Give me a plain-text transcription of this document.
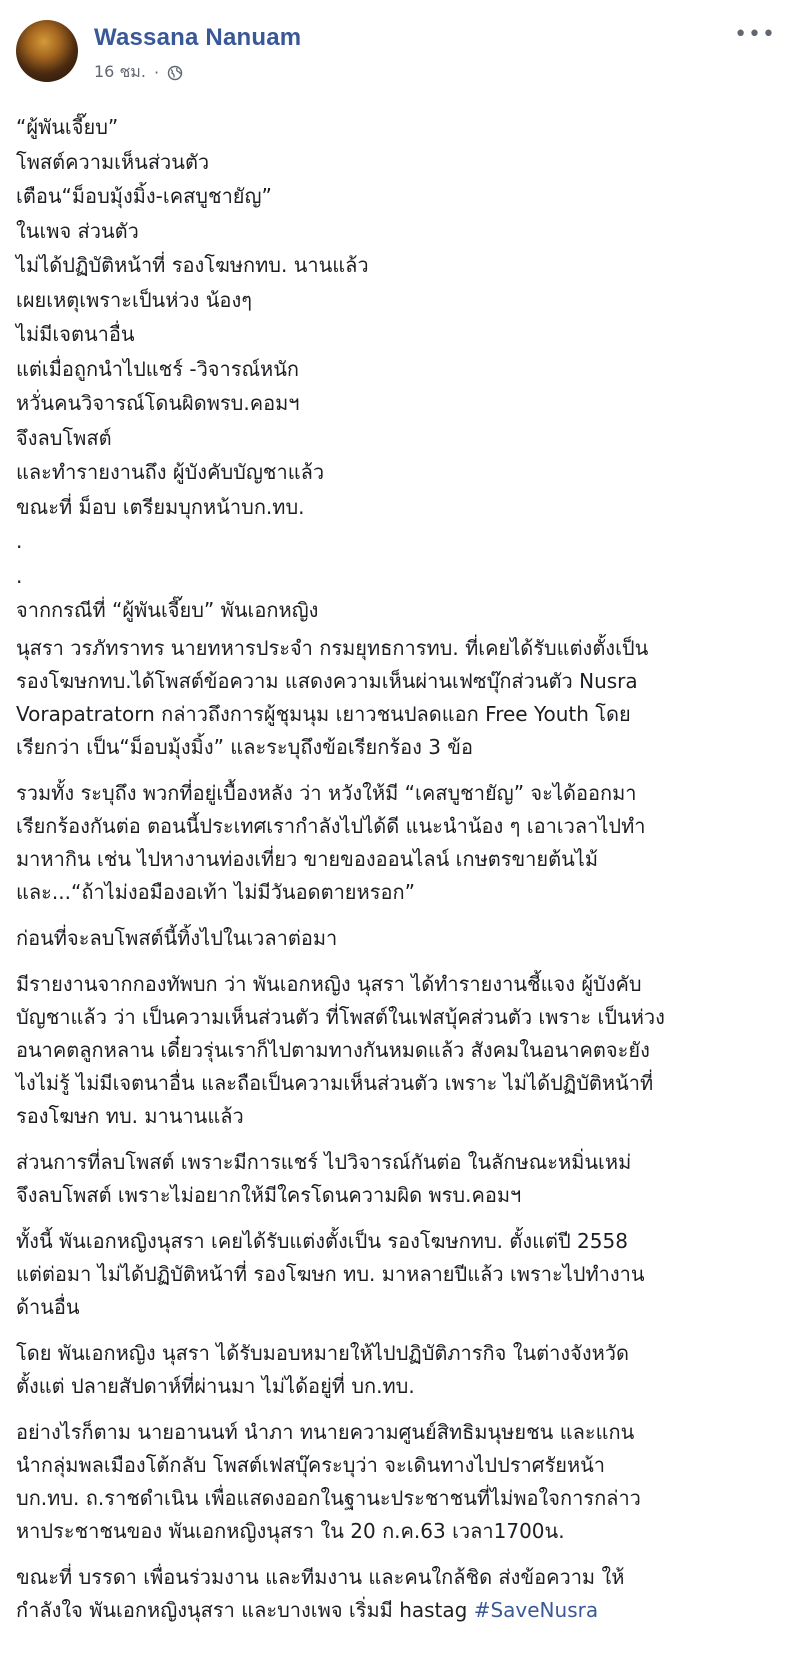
Wassana Nanuam
16 ชม. ·
•••
“ผู้พันเจี๊ยบ”
โพสต์ความเห็นส่วนตัว
เตือน“ม็อบมุ้งมิ้ง-เคสบูชายัญ”
ในเพจ ส่วนตัว
ไม่ได้ปฏิบัติหน้าที่ รองโฆษกทบ. นานแล้ว
เผยเหตุเพราะเป็นห่วง น้องๆ
ไม่มีเจตนาอื่น
แต่เมื่อถูกนำไปแชร์ -วิจารณ์หนัก
หวั่นคนวิจารณ์โดนผิดพรบ.คอมฯ
จึงลบโพสต์
และทำรายงานถึง ผู้บังคับบัญชาแล้ว
ขณะที่ ม็อบ เตรียมบุกหน้าบก.ทบ.
.
.
จากกรณีที่ “ผู้พันเจี๊ยบ” พันเอกหญิง
นุสรา วรภัทราทร นายทหารประจำ กรมยุทธการทบ. ที่เคยได้รับแต่งตั้งเป็น
รองโฆษกทบ.ได้โพสต์ข้อความ แสดงความเห็นผ่านเฟซบุ๊กส่วนตัว Nusra
Vorapatratorn กล่าวถึงการผู้ชุมนุม เยาวชนปลดแอก Free Youth โดย
เรียกว่า เป็น“ม็อบมุ้งมิ้ง” และระบุถึงข้อเรียกร้อง 3 ข้อ
รวมทั้ง ระบุถึง พวกที่อยู่เบื้องหลัง ว่า หวังให้มี “เคสบูชายัญ” จะได้ออกมา
เรียกร้องกันต่อ ตอนนี้ประเทศเรากำลังไปได้ดี แนะนำน้อง ๆ เอาเวลาไปทำ
มาหากิน เช่น ไปหางานท่องเที่ยว ขายของออนไลน์ เกษตรขายต้นไม้
และ...“ถ้าไม่งอมืองอเท้า ไม่มีวันอดตายหรอก”
ก่อนที่จะลบโพสต์นี้ทิ้งไปในเวลาต่อมา
มีรายงานจากกองทัพบก ว่า พันเอกหญิง นุสรา ได้ทำรายงานชี้แจง ผู้บังคับ
บัญชาแล้ว ว่า เป็นความเห็นส่วนตัว ที่โพสต์ในเฟสบุ้คส่วนตัว เพราะ เป็นห่วง
อนาคตลูกหลาน เดี๋ยวรุ่นเราก็ไปตามทางกันหมดแล้ว สังคมในอนาคตจะยัง
ไงไม่รู้ ไม่มีเจตนาอื่น และถือเป็นความเห็นส่วนตัว เพราะ ไม่ได้ปฏิบัติหน้าที่
รองโฆษก ทบ. มานานแล้ว
ส่วนการที่ลบโพสต์ เพราะมีการแชร์ ไปวิจารณ์กันต่อ ในลักษณะหมิ่นเหม่
จึงลบโพสต์ เพราะไม่อยากให้มีใครโดนความผิด พรบ.คอมฯ
ทั้งนี้ พันเอกหญิงนุสรา เคยได้รับแต่งตั้งเป็น รองโฆษกทบ. ตั้งแต่ปี 2558
แต่ต่อมา ไม่ได้ปฏิบัติหน้าที่ รองโฆษก ทบ. มาหลายปีแล้ว เพราะไปทำงาน
ด้านอื่น
โดย พันเอกหญิง นุสรา ได้รับมอบหมายให้ไปปฏิบัติภารกิจ ในต่างจังหวัด
ตั้งแต่ ปลายสัปดาห์ที่ผ่านมา ไม่ได้อยู่ที่ บก.ทบ.
อย่างไรก็ตาม นายอานนท์ นำภา ทนายความศูนย์สิทธิมนุษยชน และแกน
นำกลุ่มพลเมืองโต้กลับ โพสต์เฟสบุ๊คระบุว่า จะเดินทางไปปราศรัยหน้า
บก.ทบ. ถ.ราชดำเนิน เพื่อแสดงออกในฐานะประชาชนที่ไม่พอใจการกล่าว
หาประชาชนของ พันเอกหญิงนุสรา ใน 20 ก.ค.63 เวลา1700น.
ขณะที่ บรรดา เพื่อนร่วมงาน และทีมงาน และคนใกล้ชิด ส่งข้อความ ให้
กำลังใจ พันเอกหญิงนุสรา และบางเพจ เริ่มมี hastag #SaveNusra
